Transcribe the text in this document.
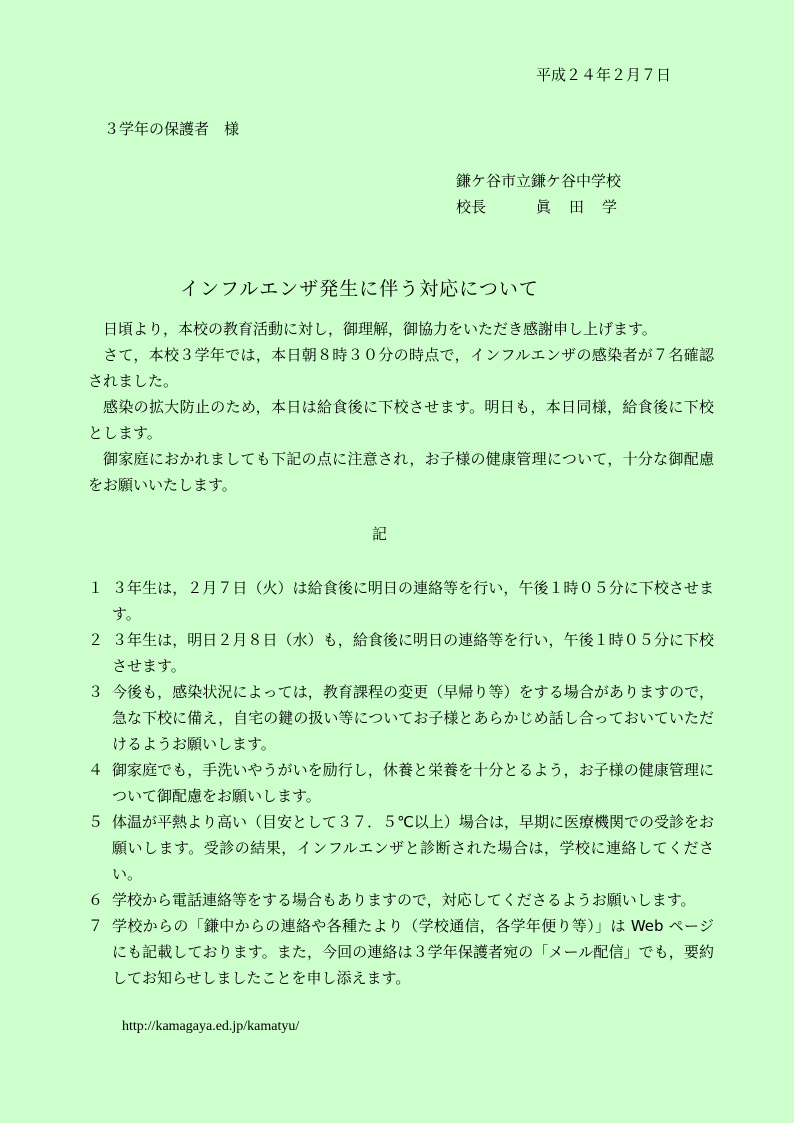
平成２４年２月７日
３学年の保護者　様
鎌ケ谷市立鎌ケ谷中学校
校長	眞田学
インフルエンザ発生に伴う対応について

日頃より，本校の教育活動に対し，御理解，御協力をいただき感謝申し上げます。

さて，本校３学年では，本日朝８時３０分の時点で，インフルエンザの感染者が７名確認されました。

感染の拡大防止のため，本日は給食後に下校させます。明日も，本日同様，給食後に下校とします。

御家庭におかれましても下記の点に注意され，お子様の健康管理について，十分な御配慮をお願いいたします。

記
１ ３年生は，２月７日（火）は給食後に明日の連絡等を行い，午後１時０５分に下校させます。
２ ３年生は，明日２月８日（水）も，給食後に明日の連絡等を行い，午後１時０５分に下校させます。
３ 今後も，感染状況によっては，教育課程の変更（早帰り等）をする場合がありますので，急な下校に備え，自宅の鍵の扱い等についてお子様とあらかじめ話し合っておいていただけるようお願いします。
４ 御家庭でも，手洗いやうがいを励行し，休養と栄養を十分とるよう，お子様の健康管理について御配慮をお願いします。
５ 体温が平熱より高い（目安として３７．５℃以上）場合は，早期に医療機関での受診をお願いします。受診の結果，インフルエンザと診断された場合は，学校に連絡してください。
６ 学校から電話連絡等をする場合もありますので，対応してくださるようお願いします。
７ 学校からの「鎌中からの連絡や各種たより（学校通信，各学年便り等）」は Web ページにも記載しております。また，今回の連絡は３学年保護者宛の「メール配信」でも，要約してお知らせしましたことを申し添えます。
http://kamagaya.ed.jp/kamatyu/
